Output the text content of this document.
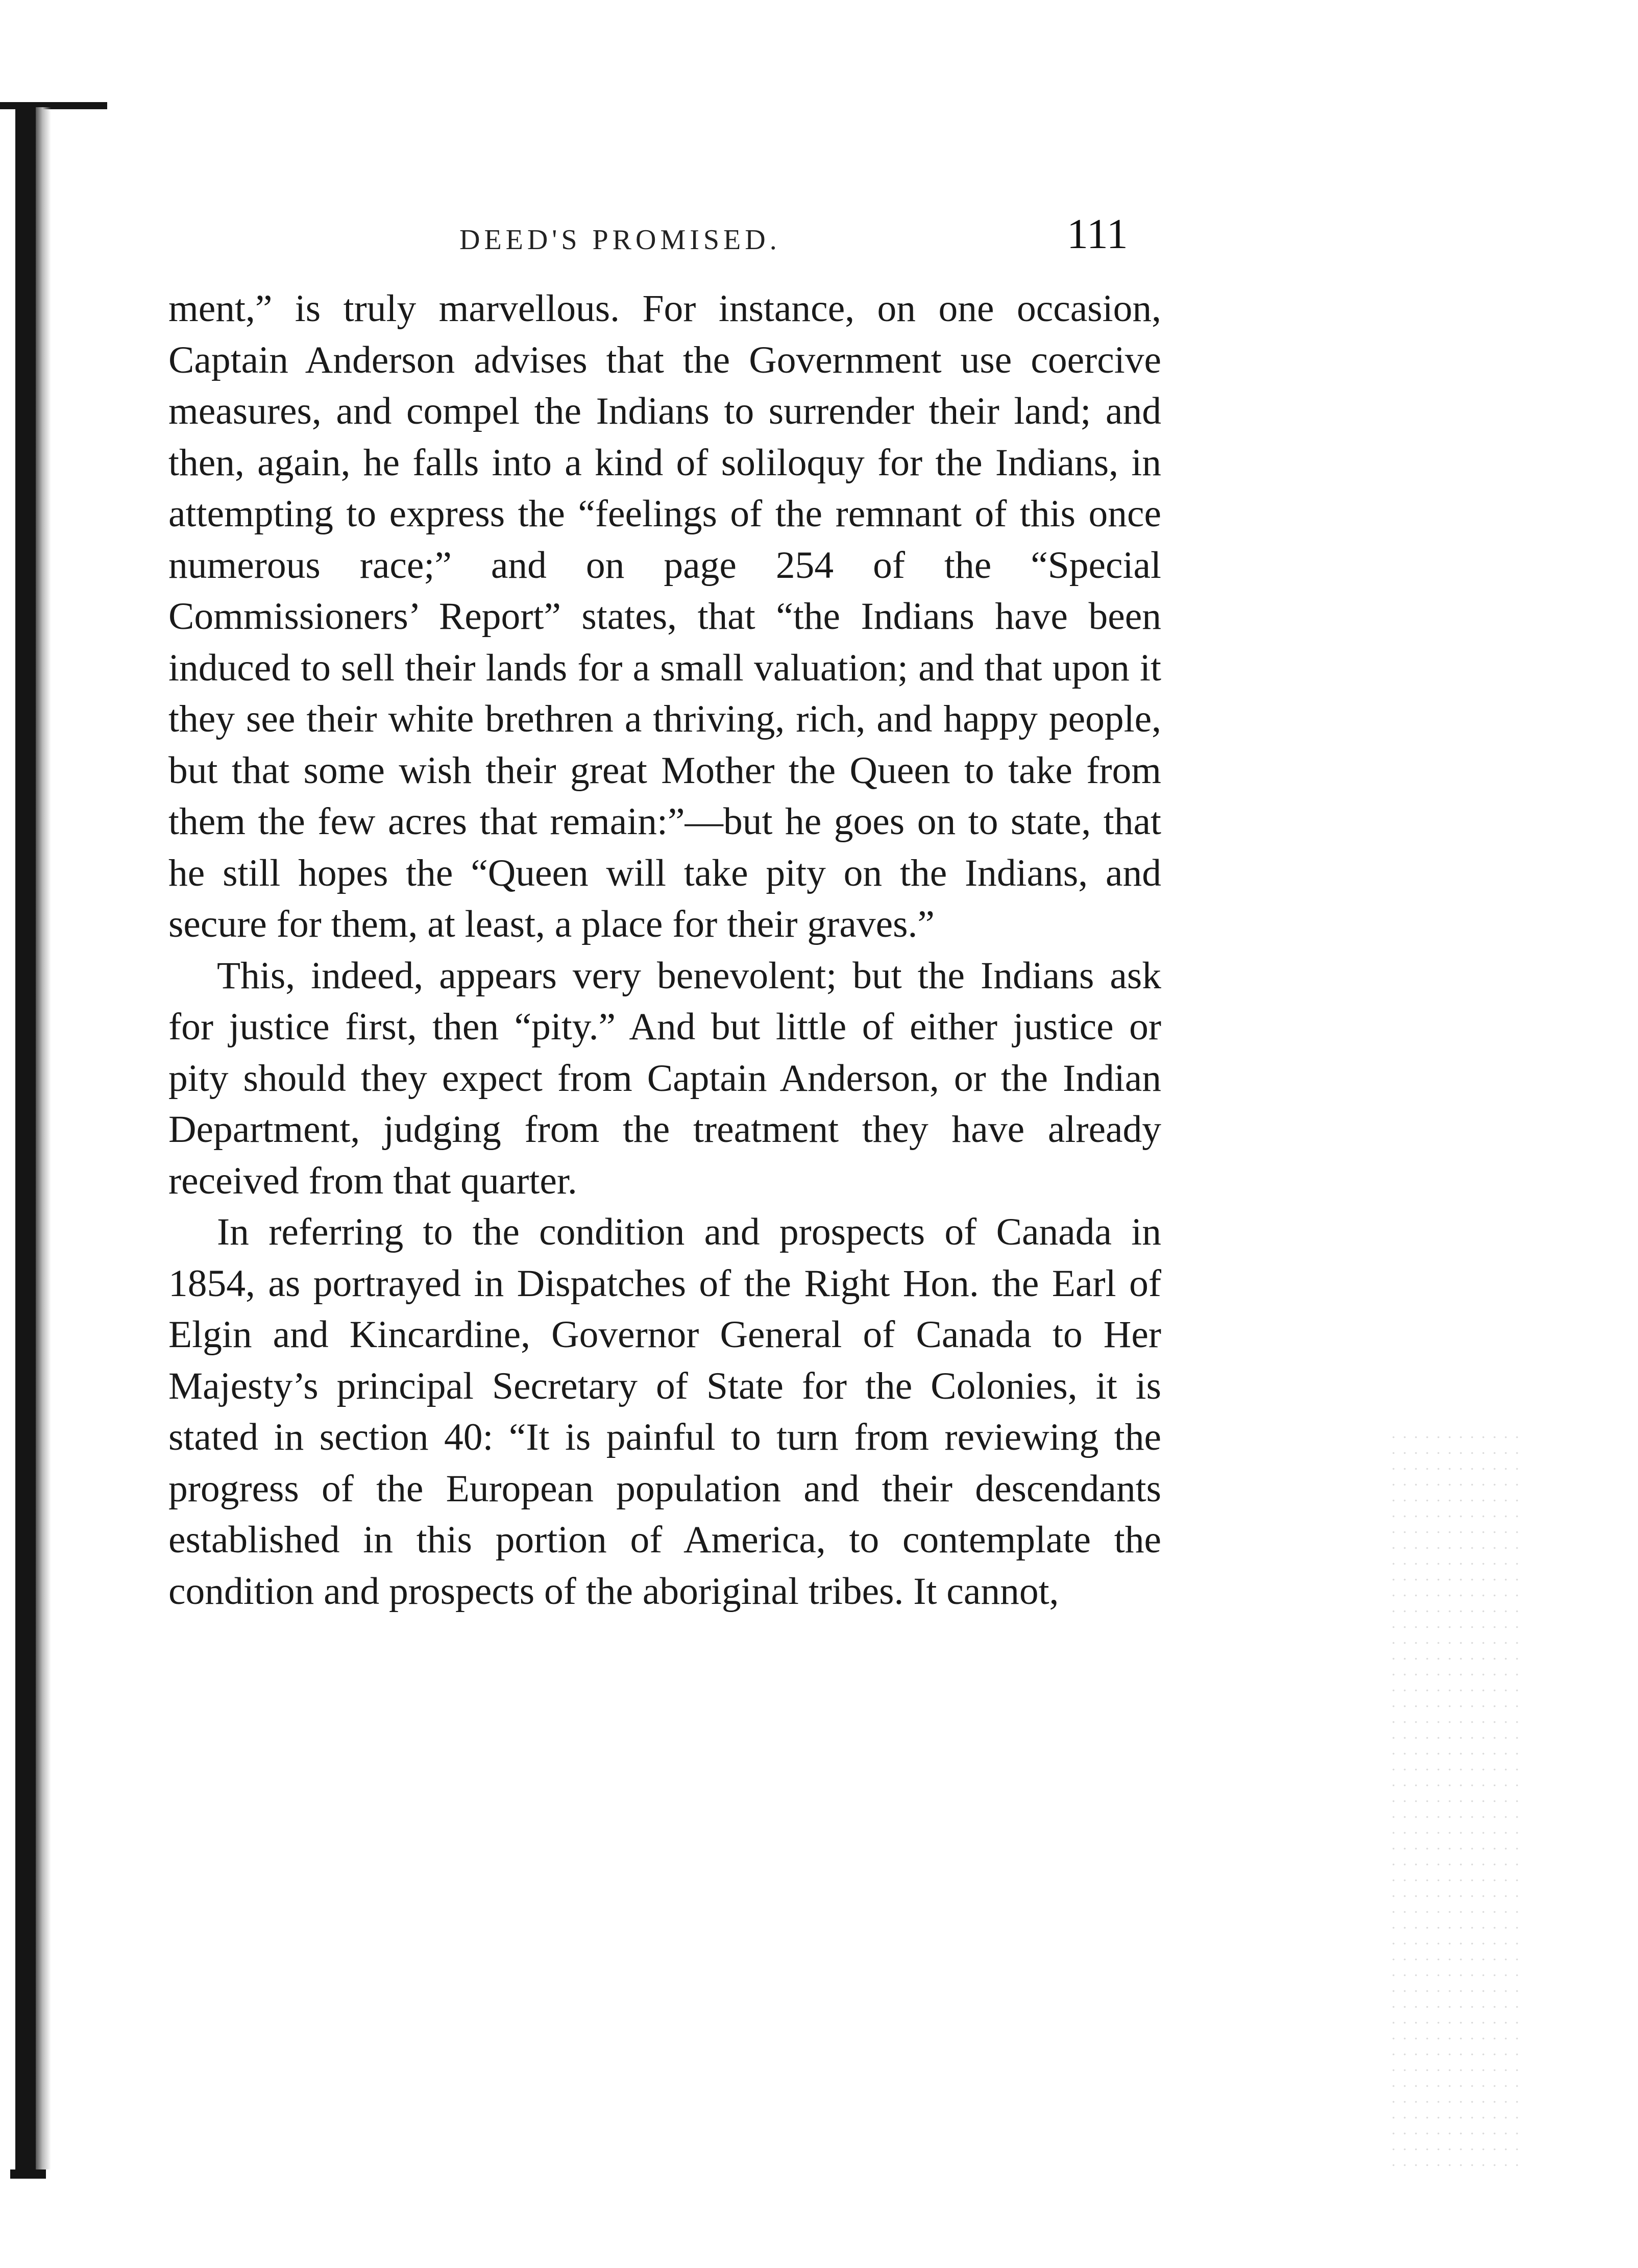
DEED'S PROMISED.	111

ment,” is truly marvellous. For instance, on one occasion, Captain Anderson advises that the Government use coercive measures, and compel the Indians to surrender their land; and then, again, he falls into a kind of soliloquy for the Indians, in attempting to express the “feelings of the remnant of this once numerous race;” and on page 254 of the “Special Commissioners’ Report” states, that “the Indians have been induced to sell their lands for a small valuation; and that upon it they see their white brethren a thriving, rich, and happy people, but that some wish their great Mother the Queen to take from them the few acres that remain:”—but he goes on to state, that he still hopes the “Queen will take pity on the Indians, and secure for them, at least, a place for their graves.”

This, indeed, appears very benevolent; but the Indians ask for justice first, then “pity.” And but little of either justice or pity should they expect from Captain Anderson, or the Indian Department, judging from the treatment they have already received from that quarter.

In referring to the condition and prospects of Canada in 1854, as portrayed in Dispatches of the Right Hon. the Earl of Elgin and Kincardine, Governor General of Canada to Her Majesty’s principal Secretary of State for the Colonies, it is stated in section 40: “It is painful to turn from reviewing the progress of the European population and their descendants established in this portion of America, to contemplate the condition and prospects of the aboriginal tribes. It cannot,
